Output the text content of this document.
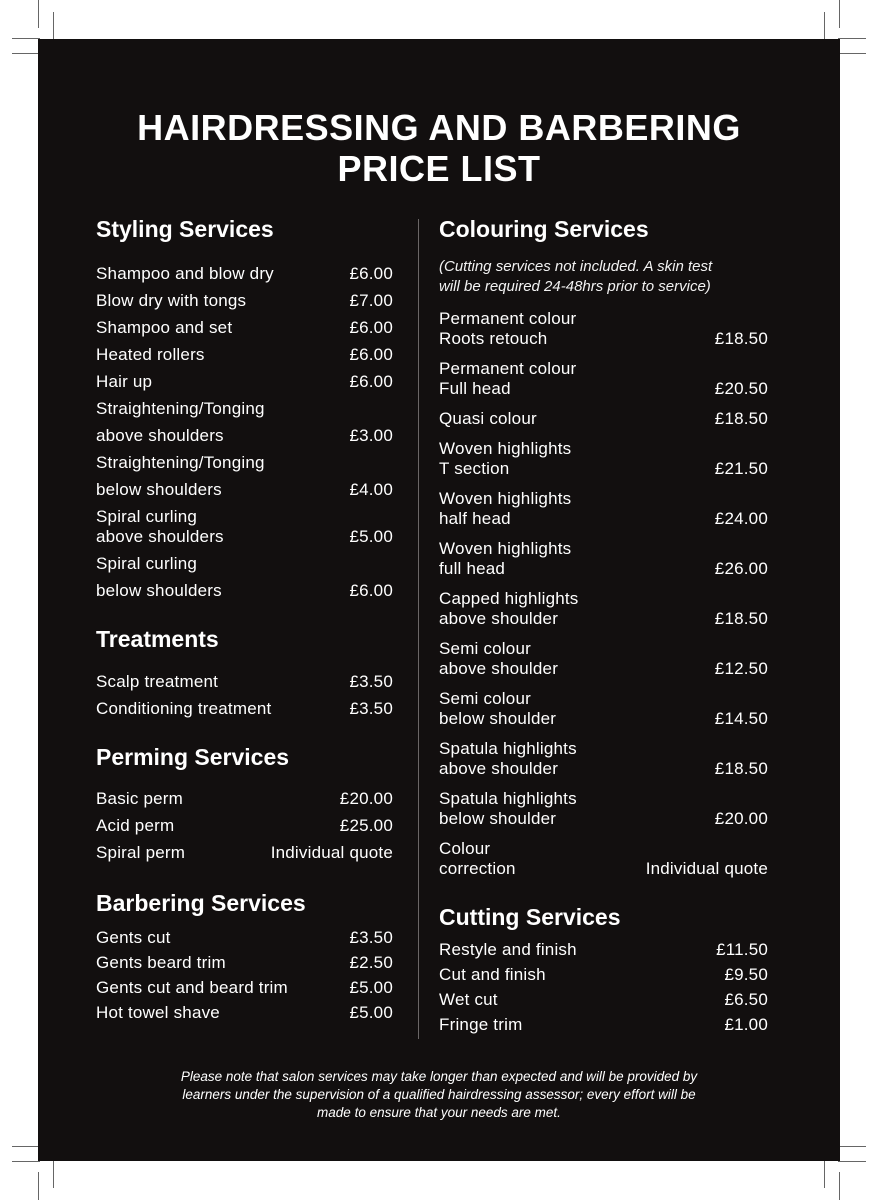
HAIRDRESSING AND BARBERING
PRICE LIST
Styling Services
Shampoo and blow dry	£6.00
Blow dry with tongs	£7.00
Shampoo and set	£6.00
Heated rollers	£6.00
Hair up	£6.00
Straightening/Tonging
above shoulders	£3.00
Straightening/Tonging
below shoulders	£4.00
Spiral curling
above shoulders	£5.00
Spiral curling
below shoulders	£6.00
Treatments
Scalp treatment	£3.50
Conditioning treatment	£3.50
Perming Services
Basic perm	£20.00
Acid perm	£25.00
Spiral perm	Individual quote
Barbering Services
Gents cut	£3.50
Gents beard trim	£2.50
Gents cut and beard trim	£5.00
Hot towel shave	£5.00
Colouring Services
(Cutting services not included. A skin test
will be required 24-48hrs prior to service)
Permanent colour
Roots retouch	£18.50
Permanent colour
Full head	£20.50
Quasi colour	£18.50
Woven highlights
T section	£21.50
Woven highlights
half head	£24.00
Woven highlights
full head	£26.00
Capped highlights
above shoulder	£18.50
Semi colour
above shoulder	£12.50
Semi colour
below shoulder	£14.50
Spatula highlights
above shoulder	£18.50
Spatula highlights
below shoulder	£20.00
Colour
correction	Individual quote
Cutting Services
Restyle and finish	£11.50
Cut and finish	£9.50
Wet cut	£6.50
Fringe trim	£1.00
Please note that salon services may take longer than expected and will be provided by
learners under the supervision of a qualified hairdressing assessor; every effort will be
made to ensure that your needs are met.
